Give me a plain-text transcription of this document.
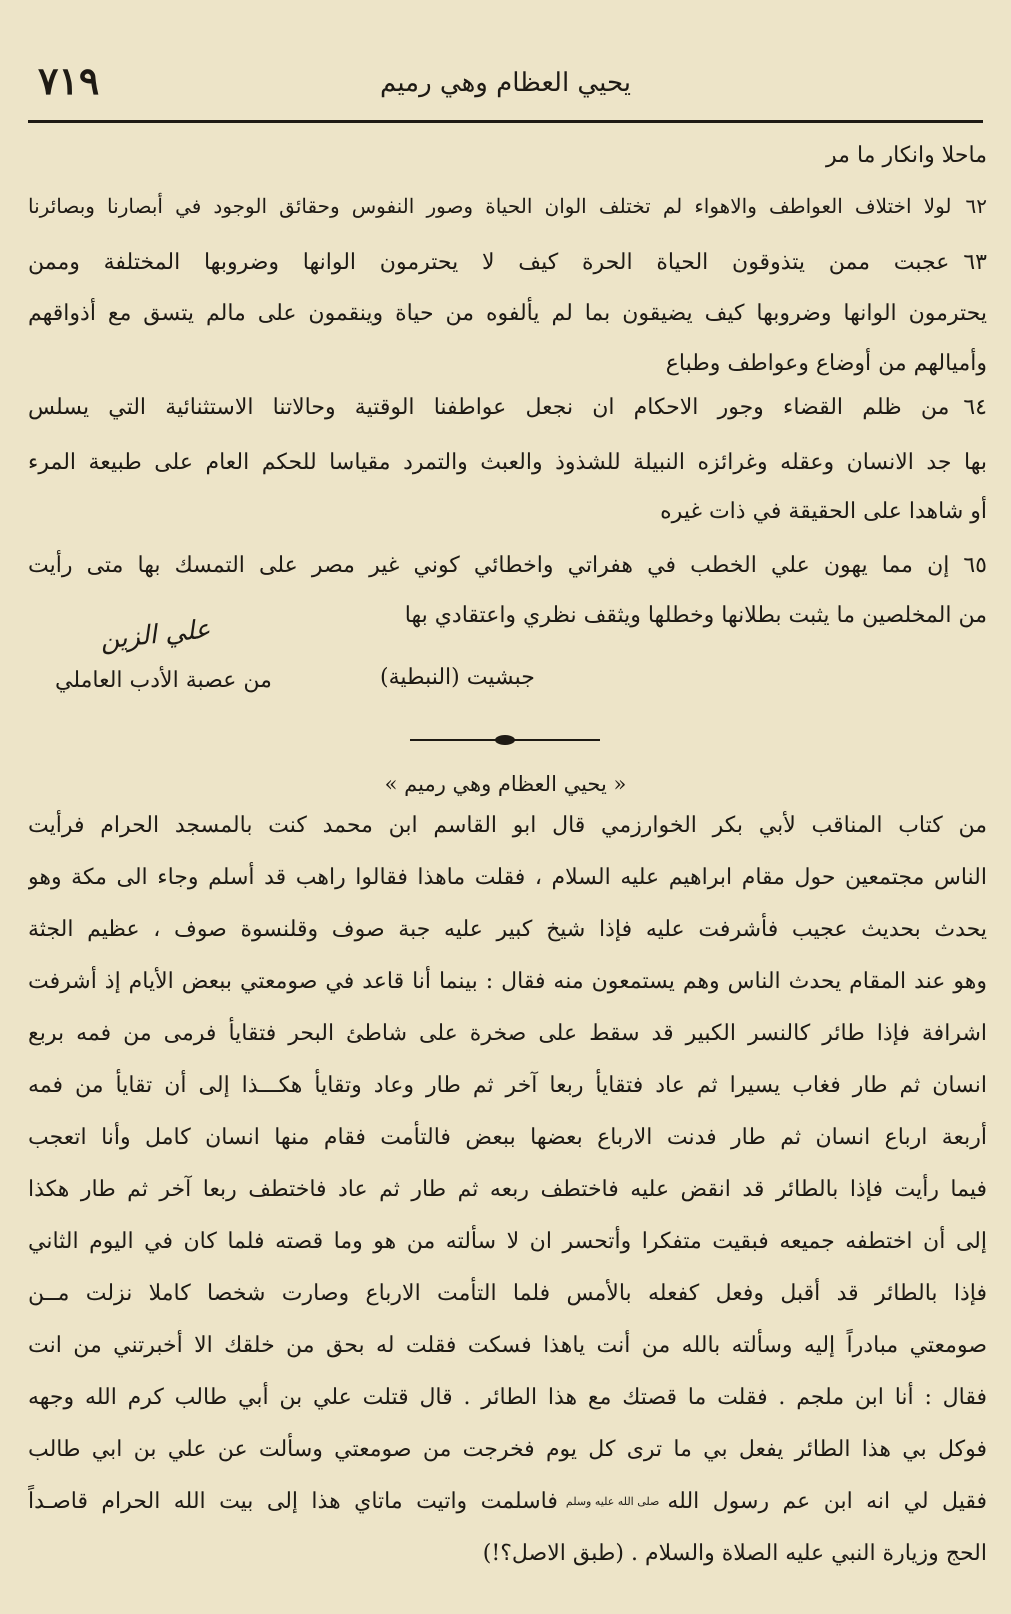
٧١٩	يحيي العظام وهي رميم
ماحلا وانكار ما مر
٦٢لولا اختلاف العواطف والاهواء لم تختلف الوان الحياة وصور النفوس وحقائق الوجود في أبصارنا وبصائرنا
٦٣عجبت ممن يتذوقون الحياة الحرة كيف لا يحترمون الوانها وضروبها المختلفة وممن
يحترمون الوانها وضروبها كيف يضيقون بما لم يألفوه من حياة وينقمون على مالم يتسق مع أذواقهم
وأميالهم من أوضاع وعواطف وطباع
٦٤من ظلم القضاء وجور الاحكام ان نجعل عواطفنا الوقتية وحالاتنا الاستثنائية التي يسلس
بها جد الانسان وعقله وغرائزه النبيلة للشذوذ والعبث والتمرد مقياسا للحكم العام على طبيعة المرء
أو شاهدا على الحقيقة في ذات غيره
٦٥إن مما يهون علي الخطب في هفراتي واخطائي كوني غير مصر على التمسك بها متى رأيت
من المخلصين ما يثبت بطلانها وخطلها ويثقف نظري واعتقادي بها
علي الزين
من عصبة الأدب العاملي	جبشيت (النبطية)
« يحيي العظام وهي رميم »
من كتاب المناقب لأبي بكر الخوارزمي قال ابو القاسم ابن محمد كنت بالمسجد الحرام فرأيت
الناس مجتمعين حول مقام ابراهيم عليه السلام ، فقلت ماهذا فقالوا راهب قد أسلم وجاء الى مكة وهو
يحدث بحديث عجيب فأشرفت عليه فإذا شيخ كبير عليه جبة صوف وقلنسوة صوف ، عظيم الجثة
وهو عند المقام يحدث الناس وهم يستمعون منه فقال : بينما أنا قاعد في صومعتي ببعض الأيام إذ أشرفت
اشرافة فإذا طائر كالنسر الكبير قد سقط على صخرة على شاطئ البحر فتقايأ فرمى من فمه بربع
انسان ثم طار فغاب يسيرا ثم عاد فتقايأ ربعا آخر ثم طار وعاد وتقايأ هكـــذا إلى أن تقايأ من فمه
أربعة ارباع انسان ثم طار فدنت الارباع بعضها ببعض فالتأمت فقام منها انسان كامل وأنا اتعجب
فيما رأيت فإذا بالطائر قد انقض عليه فاختطف ربعه ثم طار ثم عاد فاختطف ربعا آخر ثم طار هكذا
إلى أن اختطفه جميعه فبقيت متفكرا وأتحسر ان لا سألته من هو وما قصته فلما كان في اليوم الثاني
فإذا بالطائر قد أقبل وفعل كفعله بالأمس فلما التأمت الارباع وصارت شخصا كاملا نزلت مــن
صومعتي مبادراً إليه وسألته بالله من أنت ياهذا فسكت فقلت له بحق من خلقك الا أخبرتني من انت
فقال : أنا ابن ملجم . فقلت ما قصتك مع هذا الطائر . قال قتلت علي بن أبي طالب كرم الله وجهه
فوكل بي هذا الطائر يفعل بي ما ترى كل يوم فخرجت من صومعتي وسألت عن علي بن ابي طالب
فقيل لي انه ابن عم رسول اللهصلى الله عليه وسلمفاسلمت واتيت ماتاي هذا إلى بيت الله الحرام قاصـداً
الحج وزيارة النبي عليه الصلاة والسلام . (طبق الاصل؟!)
